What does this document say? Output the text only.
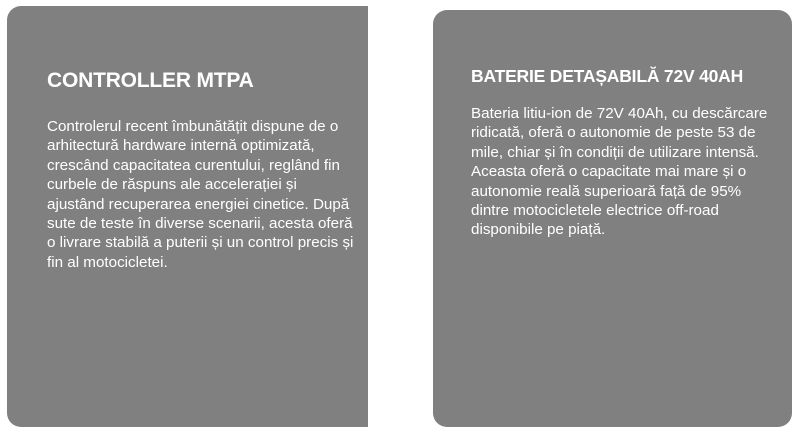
CONTROLLER MTPA

Controlerul recent îmbunătățit dispune de o arhitectură hardware internă optimizată, crescând capacitatea curentului, reglând fin curbele de răspuns ale accelerației și ajustând recuperarea energiei cinetice. După sute de teste în diverse scenarii, acesta oferă o livrare stabilă a puterii și un control precis și fin al motocicletei.

BATERIE DETAȘABILĂ 72V 40AH

Bateria litiu-ion de 72V 40Ah, cu descărcare ridicată, oferă o autonomie de peste 53 de mile, chiar și în condiții de utilizare intensă. Aceasta oferă o capacitate mai mare și o autonomie reală superioară față de 95% dintre motocicletele electrice off-road disponibile pe piață.
